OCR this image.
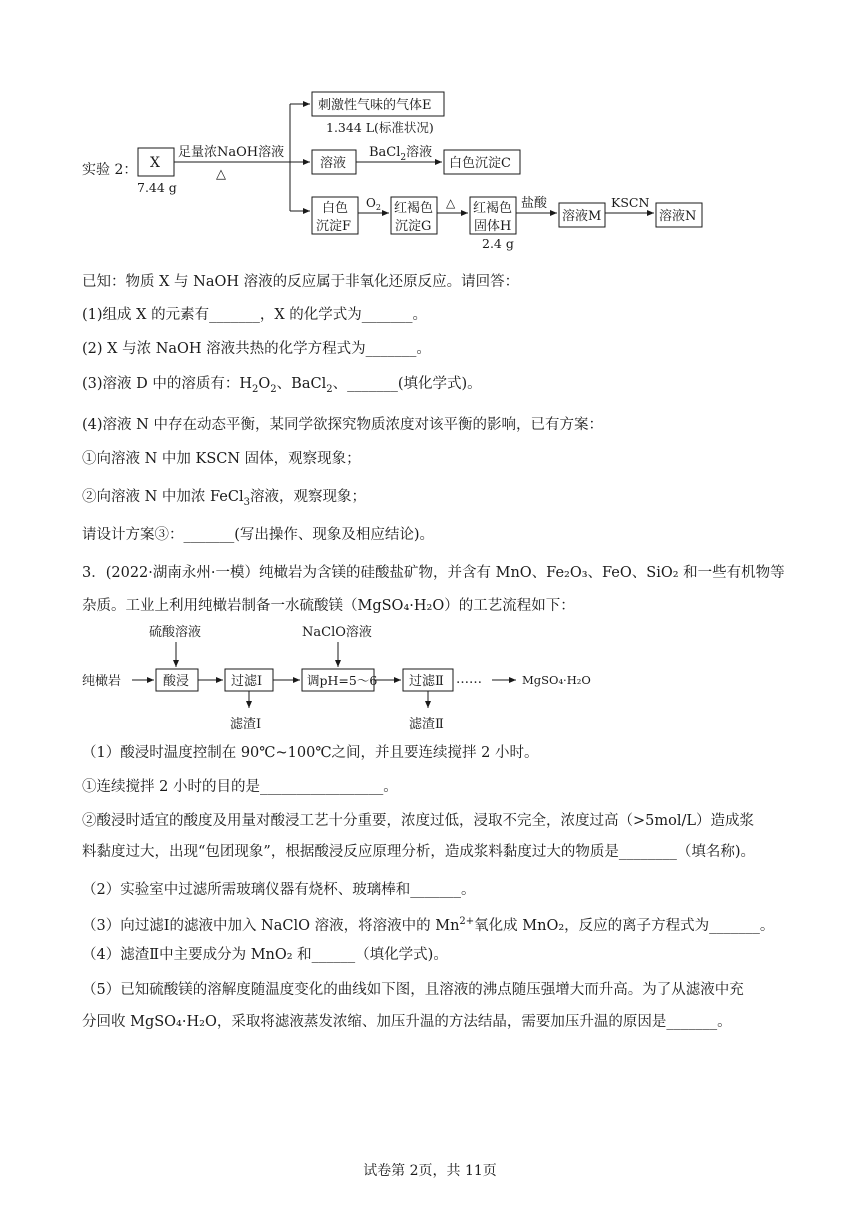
实验 2： X
7.44 g
足量浓NaOH溶液
△
刺激性气味的气体E
1.344 L(标准状况)
溶液
BaCl$_2$溶液
白色沉淀C
白色
沉淀F
$O_2$ 红褐色
沉淀G
△ 红褐色
固体H
2.4 g
盐酸
溶液M
KSCN
溶液N
已知：物质 X 与 NaOH 溶液的反应属于非氧化还原反应。请回答：
(1)组成 X 的元素有_______，X 的化学式为_______。
(2) X 与浓 NaOH 溶液共热的化学方程式为_______。
(3)溶液 D 中的溶质有：$H_2O_2$、BaCl$_2$、_______(填化学式)。
(4)溶液 N 中存在动态平衡，某同学欲探究物质浓度对该平衡的影响，已有方案：
①向溶液 N 中加 KSCN 固体，观察现象；
②向溶液 N 中加浓 FeCl$_3$溶液，观察现象；
请设计方案③：_______(写出操作、现象及相应结论)。
3．(2022·湖南永州·一模）纯橄岩为含镁的硅酸盐矿物，并含有 MnO、Fe₂O₃、FeO、SiO₂ 和一些有机物等
杂质。工业上利用纯橄岩制备一水硫酸镁（MgSO₄·H₂O）的工艺流程如下：
纯橄岩
硫酸溶液
酸浸	过滤Ⅰ
滤渣Ⅰ
NaClO溶液
调pH=5～6 过滤Ⅱ
滤渣Ⅱ
……	MgSO₄·H₂O
（1）酸浸时温度控制在 90℃~100℃之间，并且要连续搅拌 2 小时。
①连续搅拌 2 小时的目的是_________________。
②酸浸时适宜的酸度及用量对酸浸工艺十分重要，浓度过低，浸取不完全，浓度过高（>5mol/L）造成浆
料黏度过大，出现“包团现象”，根据酸浸反应原理分析，造成浆料黏度过大的物质是________（填名称)。
（2）实验室中过滤所需玻璃仪器有烧杯、玻璃棒和_______。
（3）向过滤Ⅰ的滤液中加入 NaClO 溶液，将溶液中的 $Mn^{2+}$氧化成 MnO₂，反应的离子方程式为_______。
（4）滤渣Ⅱ中主要成分为 MnO₂ 和______（填化学式)。
（5）已知硫酸镁的溶解度随温度变化的曲线如下图，且溶液的沸点随压强增大而升高。为了从滤液中充
分回收 MgSO₄·H₂O，采取将滤液蒸发浓缩、加压升温的方法结晶，需要加压升温的原因是_______。
试卷第 2页，共 11页
